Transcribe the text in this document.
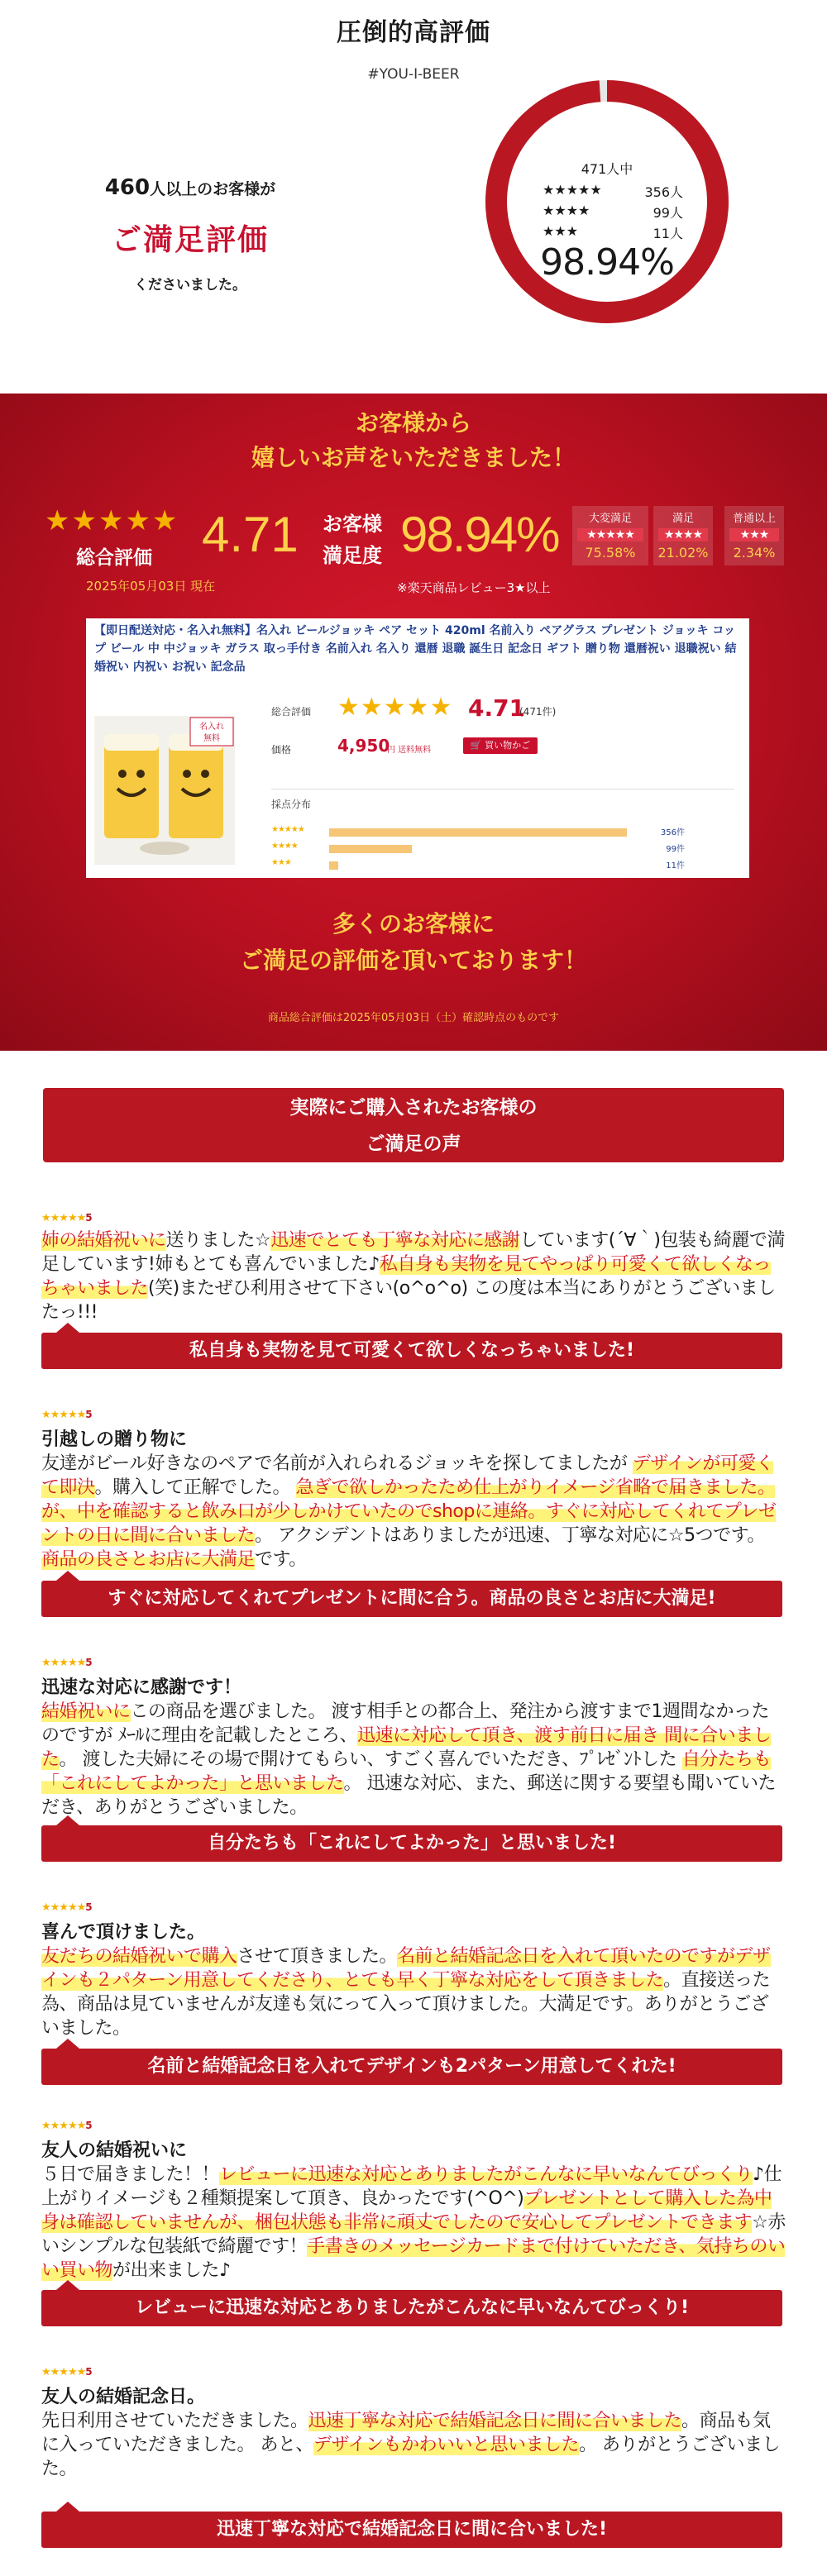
圧倒的高評価
#YOU-I-BEER
460人以上のお客様が
ご満足評価
くださいました。
471人中
★★★★★	356人
★★★★	99人
★★★	11人
98.94%
お客様から
嬉しいお声をいただきました！
★★★★★
総合評価 4.71
2025年05月03日 現在
お客様
満足度 98.94%
※楽天商品レビュー3★以上
大変満足
★★★★★
75.58%
満足
★★★★
21.02%
普通以上
★★★
2.34%
【即日配送対応・名入れ無料】名入れ ビールジョッキ ペア セット 420ml 名前入り ペアグラス プレゼント ジョッキ コップ ビール 中 中ジョッキ ガラス 取っ手付き 名前入れ 名入り 還暦 退職 誕生日 記念日 ギフト 贈り物 還暦祝い 退職祝い 結婚祝い 内祝い お祝い 記念品
名入れ
無料
総合評価 ★★★★★ 4.71
(471件)
価格	4,950
円 送料無料	🛒 買い物かご
採点分布
★★★★★	356件
★★★★	99件
★★★	11件
多くのお客様に
ご満足の評価を頂いております！
商品総合評価は2025年05月03日（土）確認時点のものです
実際にご購入されたお客様の
ご満足の声
★★★★★5
姉の結婚祝いに送りました☆迅速でとても丁寧な対応に感謝しています(´∀｀)包装も綺麗で満足しています!姉もとても喜んでいました♪私自身も実物を見てやっぱり可愛くて欲しくなっちゃいました(笑)またぜひ利用させて下さい(o^o^o) この度は本当にありがとうございましたっ!!!
私自身も実物を見て可愛くて欲しくなっちゃいました!
★★★★★5
引越しの贈り物に
友達がビール好きなのペアで名前が入れられるジョッキを探してましたが デザインが可愛くて即決。購入して正解でした。 急ぎで欲しかったため仕上がりイメージ省略で届きました。 が、中を確認すると飲み口が少しかけていたのでshopに連絡。すぐに対応してくれてプレゼントの日に間に合いました。 アクシデントはありましたが迅速、丁寧な対応に☆5つです。 商品の良さとお店に大満足です。
すぐに対応してくれてプレゼントに間に合う。商品の良さとお店に大満足!
★★★★★5
迅速な対応に感謝です！
結婚祝いにこの商品を選びました。 渡す相手との都合上、発注から渡すまで1週間なかったのですが ﾒｰﾙに理由を記載したところ、迅速に対応して頂き、渡す前日に届き 間に合いました。 渡した夫婦にその場で開けてもらい、すごく喜んでいただき、ﾌﾟﾚｾﾞﾝﾄした 自分たちも「これにしてよかった」と思いました。 迅速な対応、また、郵送に関する要望も聞いていただき、ありがとうございました。
自分たちも「これにしてよかった」と思いました!
★★★★★5
喜んで頂けました。
友だちの結婚祝いで購入させて頂きました。名前と結婚記念日を入れて頂いたのですがデザインも２パターン用意してくださり、とても早く丁寧な対応をして頂きました。直接送った為、商品は見ていませんが友達も気にって入って頂けました。大満足です。ありがとうございました。
名前と結婚記念日を入れてデザインも2パターン用意してくれた!
★★★★★5
友人の結婚祝いに
５日で届きました！！レビューに迅速な対応とありましたがこんなに早いなんてびっくり♪仕上がりイメージも２種類提案して頂き、良かったです(^O^)プレゼントとして購入した為中身は確認していませんが、梱包状態も非常に頑丈でしたので安心してプレゼントできます☆赤いシンプルな包装紙で綺麗です！手書きのメッセージカードまで付けていただき、気持ちのいい買い物が出来ました♪
レビューに迅速な対応とありましたがこんなに早いなんてびっくり!
★★★★★5
友人の結婚記念日。
先日利用させていただきました。迅速丁寧な対応で結婚記念日に間に合いました。商品も気に入っていただきました。 あと、デザインもかわいいと思いました。 ありがとうございました。
迅速丁寧な対応で結婚記念日に間に合いました!
